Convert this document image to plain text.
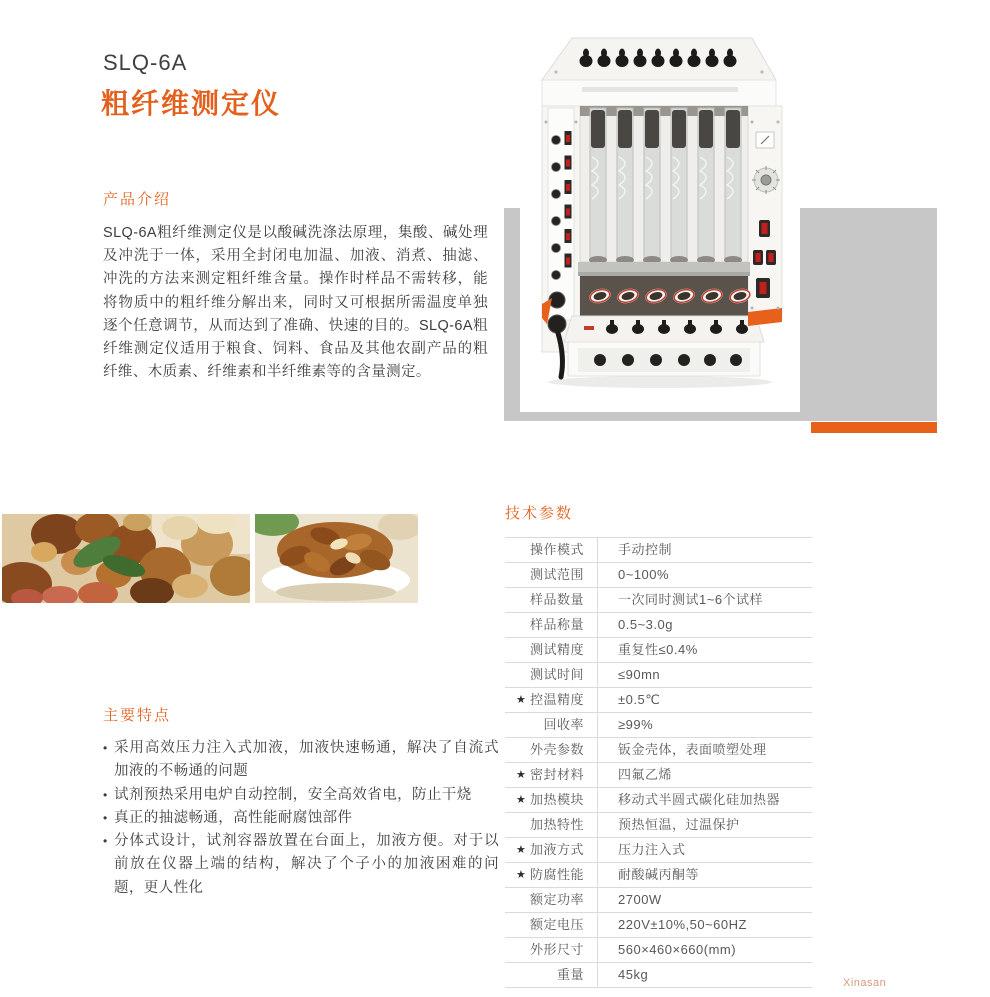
SLQ-6A
粗纤维测定仪
产品介绍
SLQ-6A粗纤维测定仪是以酸碱洗涤法原理，集酸、碱处理及冲洗于一体，采用全封闭电加温、加液、消煮、抽滤、冲洗的方法来测定粗纤维含量。操作时样品不需转移，能将物质中的粗纤维分解出来，同时又可根据所需温度单独逐个任意调节，从而达到了准确、快速的目的。SLQ-6A粗纤维测定仪适用于粮食、饲料、食品及其他农副产品的粗纤维、木质素、纤维素和半纤维素等的含量测定。
主要特点
• 采用高效压力注入式加液，加液快速畅通，解决了自流式加液的不畅通的问题
• 试剂预热采用电炉自动控制，安全高效省电，防止干烧
• 真正的抽滤畅通，高性能耐腐蚀部件
• 分体式设计，试剂容器放置在台面上，加液方便。对于以前放在仪器上端的结构，解决了个子小的加液困难的问题，更人性化
技术参数
操作模式	手动控制
测试范围	0~100%
样品数量	一次同时测试1~6个试样
样品称量	0.5~3.0g
测试精度	重复性≤0.4%
测试时间	≤90mn
★ 控温精度	±0.5℃
回收率	≥99%
外壳参数	钣金壳体，表面喷塑处理
★ 密封材料	四氟乙烯
★ 加热模块	移动式半圆式碳化硅加热器
加热特性	预热恒温，过温保护
★ 加液方式	压力注入式
★ 防腐性能	耐酸碱丙酮等
额定功率	2700W
额定电压	220V±10%,50~60HZ
外形尺寸	560×460×660(mm)
重量	45kg
Xinasan
